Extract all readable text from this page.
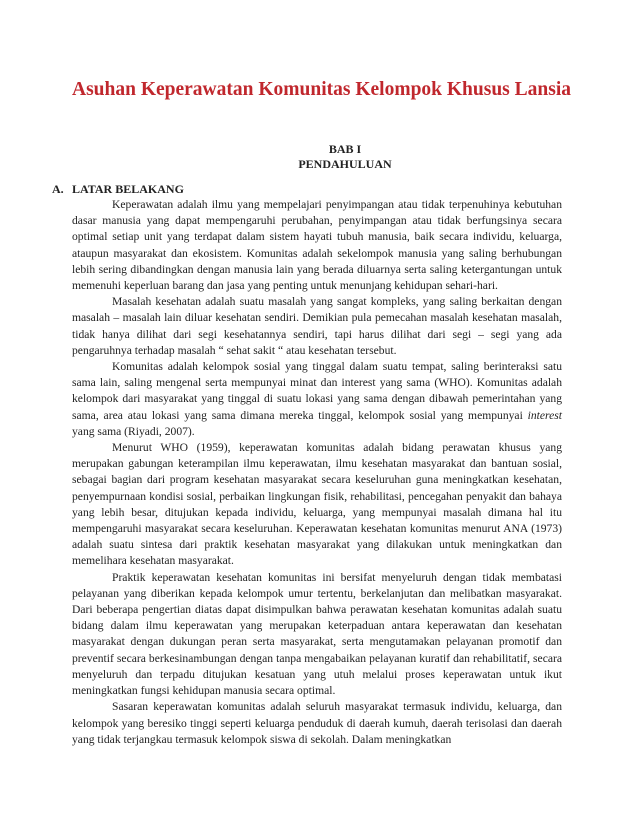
Asuhan Keperawatan Komunitas Kelompok Khusus Lansia
BAB I
PENDAHULUAN
A. LATAR BELAKANG

Keperawatan adalah ilmu yang mempelajari penyimpangan atau tidak terpenuhinya kebutuhan dasar manusia yang dapat mempengaruhi perubahan, penyimpangan atau tidak berfungsinya secara optimal setiap unit yang terdapat dalam sistem hayati tubuh manusia, baik secara individu, keluarga, ataupun masyarakat dan ekosistem. Komunitas adalah sekelompok manusia yang saling berhubungan lebih sering dibandingkan dengan manusia lain yang berada diluarnya serta saling ketergantungan untuk memenuhi keperluan barang dan jasa yang penting untuk menunjang kehidupan sehari-hari.

Masalah kesehatan adalah suatu masalah yang sangat kompleks, yang saling berkaitan dengan masalah – masalah lain diluar kesehatan sendiri. Demikian pula pemecahan masalah kesehatan masalah, tidak hanya dilihat dari segi kesehatannya sendiri, tapi harus dilihat dari segi – segi yang ada pengaruhnya terhadap masalah “ sehat sakit “ atau kesehatan tersebut.

Komunitas adalah kelompok sosial yang tinggal dalam suatu tempat, saling berinteraksi satu sama lain, saling mengenal serta mempunyai minat dan interest yang sama (WHO). Komunitas adalah kelompok dari masyarakat yang tinggal di suatu lokasi yang sama dengan dibawah pemerintahan yang sama, area atau lokasi yang sama dimana mereka tinggal, kelompok sosial yang mempunyai interest yang sama (Riyadi, 2007).

Menurut WHO (1959), keperawatan komunitas adalah bidang perawatan khusus yang merupakan gabungan keterampilan ilmu keperawatan, ilmu kesehatan masyarakat dan bantuan sosial, sebagai bagian dari program kesehatan masyarakat secara keseluruhan guna meningkatkan kesehatan, penyempurnaan kondisi sosial, perbaikan lingkungan fisik, rehabilitasi, pencegahan penyakit dan bahaya yang lebih besar, ditujukan kepada individu, keluarga, yang mempunyai masalah dimana hal itu mempengaruhi masyarakat secara keseluruhan. Keperawatan kesehatan komunitas menurut ANA (1973) adalah suatu sintesa dari praktik kesehatan masyarakat yang dilakukan untuk meningkatkan dan memelihara kesehatan masyarakat.

Praktik keperawatan kesehatan komunitas ini bersifat menyeluruh dengan tidak membatasi pelayanan yang diberikan kepada kelompok umur tertentu, berkelanjutan dan melibatkan masyarakat. Dari beberapa pengertian diatas dapat disimpulkan bahwa perawatan kesehatan komunitas adalah suatu bidang dalam ilmu keperawatan yang merupakan keterpaduan antara keperawatan dan kesehatan masyarakat dengan dukungan peran serta masyarakat, serta mengutamakan pelayanan promotif dan preventif secara berkesinambungan dengan tanpa mengabaikan pelayanan kuratif dan rehabilitatif, secara menyeluruh dan terpadu ditujukan kesatuan yang utuh melalui proses keperawatan untuk ikut meningkatkan fungsi kehidupan manusia secara optimal.

Sasaran keperawatan komunitas adalah seluruh masyarakat termasuk individu, keluarga, dan kelompok yang beresiko tinggi seperti keluarga penduduk di daerah kumuh, daerah terisolasi dan daerah yang tidak terjangkau termasuk kelompok siswa di sekolah. Dalam meningkatkan
